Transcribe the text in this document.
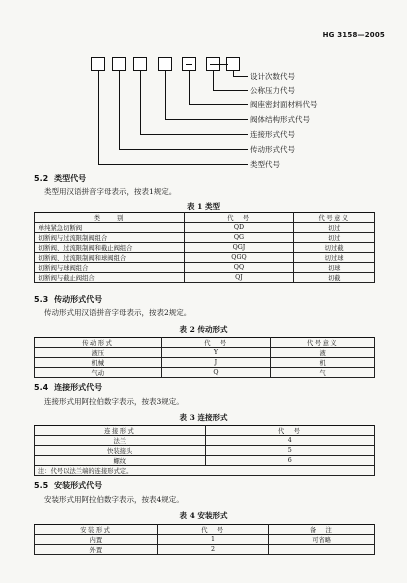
HG 3158—2005
设计次数代号
公称压力代号
阀座密封面材料代号
阀体结构形式代号
连接形式代号
传动形式代号
类型代号
5.2 类型代号
类型用汉语拼音字母表示，按表1规定。
表 1 类型
类　　别	代　号	代号意义
单纯紧急切断阀	QD	切过
切断阀与过流限制阀组合	QG	切过
切断阀、过流限制阀和截止阀组合	QGJ	切过截
切断阀、过流限制阀和球阀组合	QGQ	切过球
切断阀与球阀组合	QQ	切球
切断阀与截止阀组合	QJ	切截
5.3 传动形式代号
传动形式用汉语拼音字母表示，按表2规定。
表 2 传动形式
传动形式	代　号	代号意义
液压	Y	液
机械	J	机
气动	Q	气
5.4 连接形式代号
连接形式用阿拉伯数字表示，按表3规定。
表 3 连接形式
连接形式	代　号
法兰	4
快装接头	5
螺纹	6
注：代号以法兰端的连接形式定。	
5.5 安装形式代号
安装形式用阿拉伯数字表示，按表4规定。
表 4 安装形式
安装形式	代　号	备　注
内置	1	可省略
外置	2	
